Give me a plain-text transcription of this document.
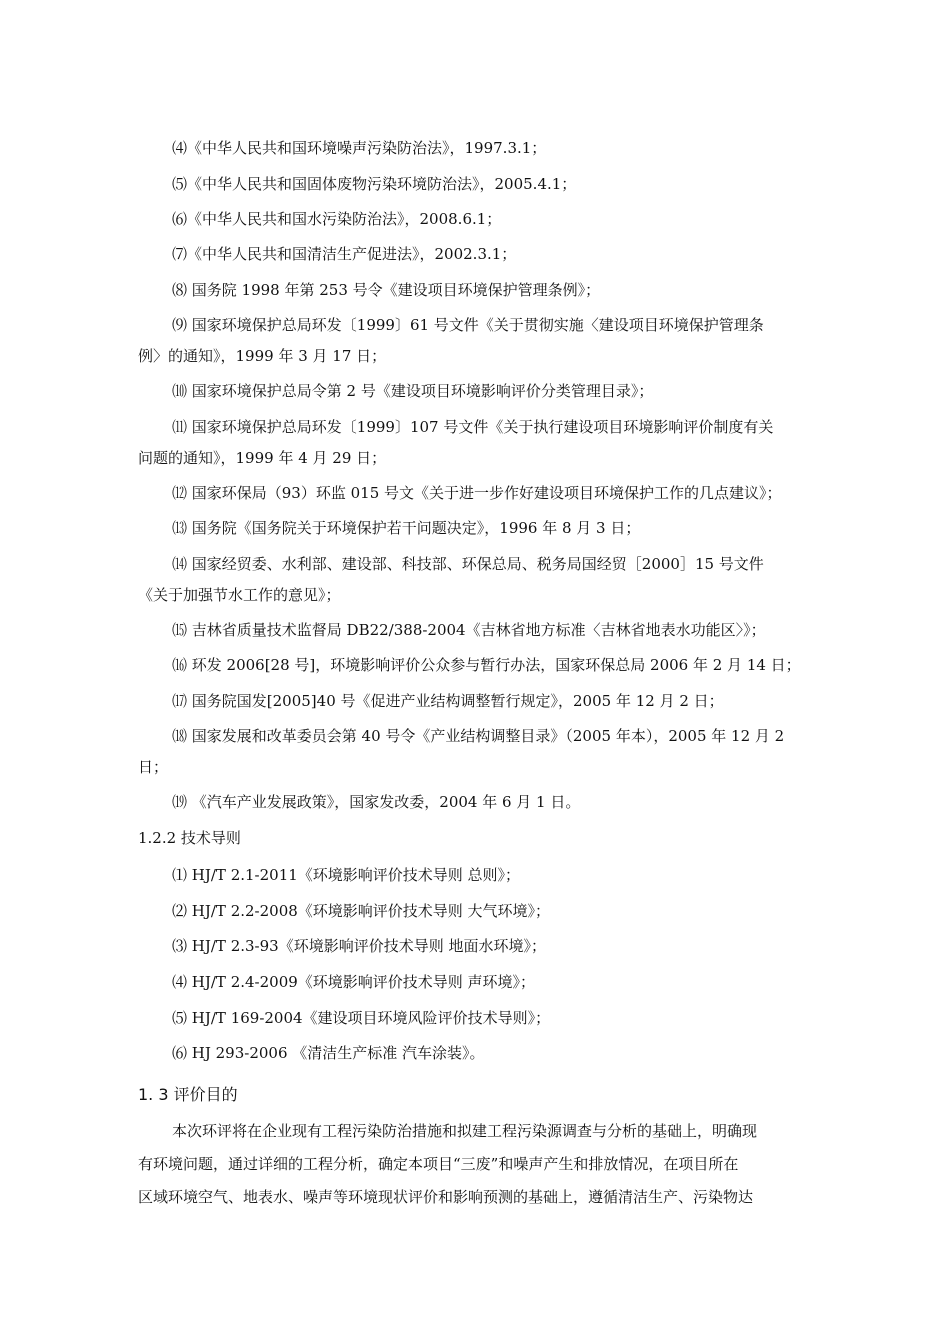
⑷《中华人民共和国环境噪声污染防治法》，1997.3.1；
⑸《中华人民共和国固体废物污染环境防治法》，2005.4.1；
⑹《中华人民共和国水污染防治法》，2008.6.1；
⑺《中华人民共和国清洁生产促进法》，2002.3.1；
⑻ 国务院 1998 年第 253 号令《建设项目环境保护管理条例》；
⑼ 国家环境保护总局环发〔1999〕61 号文件《关于贯彻实施〈建设项目环境保护管理条
例〉的通知》，1999 年 3 月 17 日；
⑽ 国家环境保护总局令第 2 号《建设项目环境影响评价分类管理目录》；
⑾ 国家环境保护总局环发〔1999〕107 号文件《关于执行建设项目环境影响评价制度有关
问题的通知》，1999 年 4 月 29 日；
⑿ 国家环保局（93）环监 015 号文《关于进一步作好建设项目环境保护工作的几点建议》；
⒀ 国务院《国务院关于环境保护若干问题决定》，1996 年 8 月 3 日；
⒁ 国家经贸委、水利部、建设部、科技部、环保总局、税务局国经贸［2000］15 号文件
《关于加强节水工作的意见》；
⒂ 吉林省质量技术监督局 DB22/388-2004《吉林省地方标准〈吉林省地表水功能区〉》；
⒃ 环发 2006[28 号]，环境影响评价公众参与暂行办法，国家环保总局 2006 年 2 月 14 日；
⒄ 国务院国发[2005]40 号《促进产业结构调整暂行规定》，2005 年 12 月 2 日；
⒅ 国家发展和改革委员会第 40 号令《产业结构调整目录》（2005 年本），2005 年 12 月 2
日；
⒆ 《汽车产业发展政策》，国家发改委，2004 年 6 月 1 日。
1.2.2 技术导则
⑴ HJ/T 2.1-2011《环境影响评价技术导则 总则》；
⑵ HJ/T 2.2-2008《环境影响评价技术导则 大气环境》；
⑶ HJ/T 2.3-93《环境影响评价技术导则 地面水环境》；
⑷ HJ/T 2.4-2009《环境影响评价技术导则 声环境》；
⑸ HJ/T 169-2004《建设项目环境风险评价技术导则》；
⑹ HJ 293-2006 《清洁生产标准 汽车涂装》。
1. 3 评价目的
本次环评将在企业现有工程污染防治措施和拟建工程污染源调查与分析的基础上，明确现
有环境问题，通过详细的工程分析，确定本项目“三废”和噪声产生和排放情况，在项目所在
区域环境空气、地表水、噪声等环境现状评价和影响预测的基础上，遵循清洁生产、污染物达
